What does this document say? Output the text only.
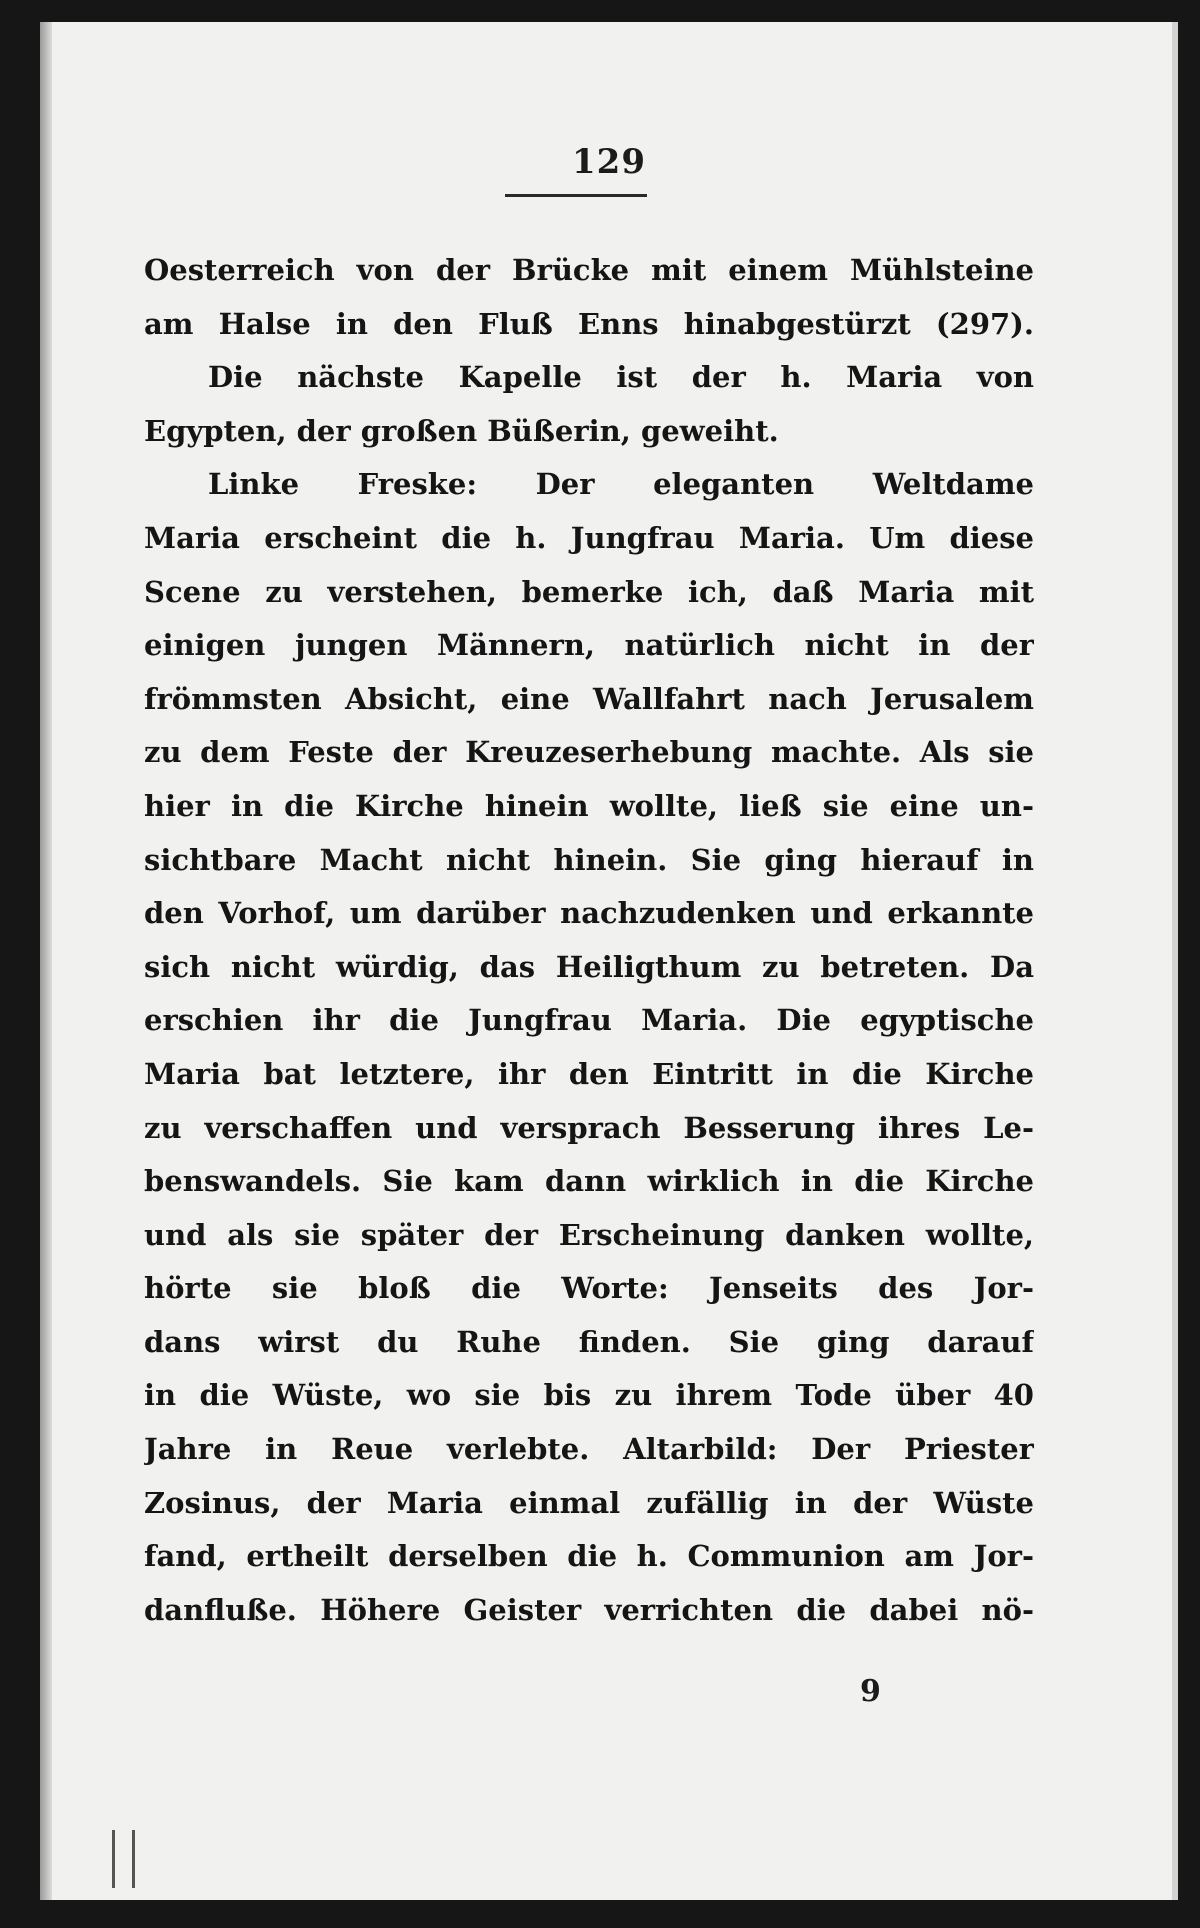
129
Oesterreich von der Brücke mit einem Mühlsteine
am Halse in den Fluß Enns hinabgestürzt (297).
Die nächste Kapelle ist der h. Maria von
Egypten, der großen Büßerin, geweiht.
Linke Freske: Der eleganten Weltdame
Maria erscheint die h. Jungfrau Maria. Um diese
Scene zu verstehen, bemerke ich, daß Maria mit
einigen jungen Männern, natürlich nicht in der
frömmsten Absicht, eine Wallfahrt nach Jerusalem
zu dem Feste der Kreuzeserhebung machte. Als sie
hier in die Kirche hinein wollte, ließ sie eine un-
sichtbare Macht nicht hinein. Sie ging hierauf in
den Vorhof, um darüber nachzudenken und erkannte
sich nicht würdig, das Heiligthum zu betreten. Da
erschien ihr die Jungfrau Maria. Die egyptische
Maria bat letztere, ihr den Eintritt in die Kirche
zu verschaffen und versprach Besserung ihres Le-
benswandels. Sie kam dann wirklich in die Kirche
und als sie später der Erscheinung danken wollte,
hörte sie bloß die Worte: Jenseits des Jor-
dans wirst du Ruhe finden. Sie ging darauf
in die Wüste, wo sie bis zu ihrem Tode über 40
Jahre in Reue verlebte. Altarbild: Der Priester
Zosinus, der Maria einmal zufällig in der Wüste
fand, ertheilt derselben die h. Communion am Jor-
danfluße. Höhere Geister verrichten die dabei nö-
9
